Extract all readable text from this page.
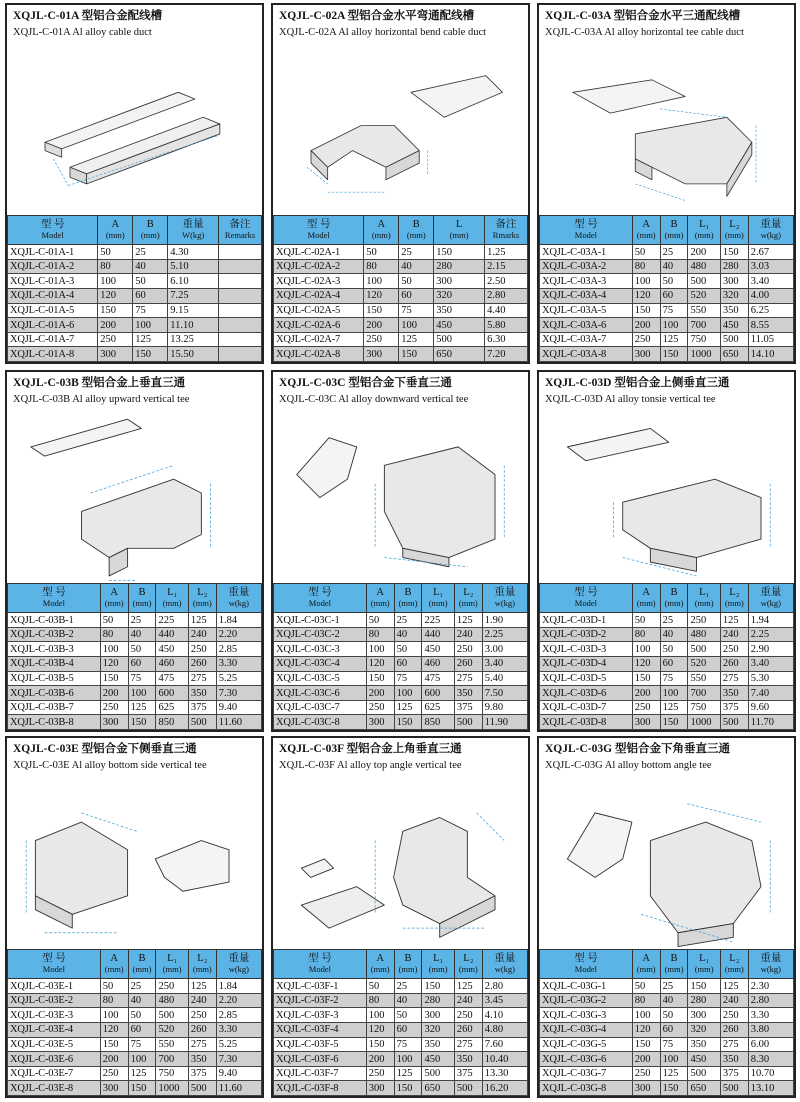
XQJL-C-01A 型铝合金配线槽
XQJL-C-01A Al alloy cable duct
型 号
Model	A
(mm)	B
(mm)	重量
W(kg)	备注
Remarks
XQJL-C-01A-1	50	25	4.30	
XQJL-C-01A-2	80	40	5.10	
XQJL-C-01A-3	100	50	6.10	
XQJL-C-01A-4	120	60	7.25	
XQJL-C-01A-5	150	75	9.15	
XQJL-C-01A-6	200	100	11.10	
XQJL-C-01A-7	250	125	13.25	
XQJL-C-01A-8	300	150	15.50	
XQJL-C-02A 型铝合金水平弯通配线槽
XQJL-C-02A Al alloy horizontal bend cable duct
型 号
Model	A
(mm)	B
(mm)	L
(mm)	备注
Rmarks
XQJL-C-02A-1	50	25	150	1.25
XQJL-C-02A-2	80	40	280	2.15
XQJL-C-02A-3	100	50	300	2.50
XQJL-C-02A-4	120	60	320	2.80
XQJL-C-02A-5	150	75	350	4.40
XQJL-C-02A-6	200	100	450	5.80
XQJL-C-02A-7	250	125	500	6.30
XQJL-C-02A-8	300	150	650	7.20
XQJL-C-03A 型铝合金水平三通配线槽
XQJL-C-03A Al alloy horizontal tee cable duct
型 号
Model	A
(mm)	B
(mm)	L₁
(mm)	L₂
(mm)	重量
w(kg)
XQJL-C-03A-1	50	25	200	150	2.67
XQJL-C-03A-2	80	40	480	280	3.03
XQJL-C-03A-3	100	50	500	300	3.40
XQJL-C-03A-4	120	60	520	320	4.00
XQJL-C-03A-5	150	75	550	350	6.25
XQJL-C-03A-6	200	100	700	450	8.55
XQJL-C-03A-7	250	125	750	500	11.05
XQJL-C-03A-8	300	150	1000	650	14.10
XQJL-C-03B 型铝合金上垂直三通
XQJL-C-03B Al alloy upward vertical tee
型 号
Model	A
(mm)	B
(mm)	L₁
(mm)	L₂
(mm)	重量
w(kg)
XQJL-C-03B-1	50	25	225	125	1.84
XQJL-C-03B-2	80	40	440	240	2.20
XQJL-C-03B-3	100	50	450	250	2.85
XQJL-C-03B-4	120	60	460	260	3.30
XQJL-C-03B-5	150	75	475	275	5.25
XQJL-C-03B-6	200	100	600	350	7.30
XQJL-C-03B-7	250	125	625	375	9.40
XQJL-C-03B-8	300	150	850	500	11.60
XQJL-C-03C 型铝合金下垂直三通
XQJL-C-03C Al alloy downward vertical tee
型 号
Model	A
(mm)	B
(mm)	L₁
(mm)	L₂
(mm)	重量
w(kg)
XQJL-C-03C-1	50	25	225	125	1.90
XQJL-C-03C-2	80	40	440	240	2.25
XQJL-C-03C-3	100	50	450	250	3.00
XQJL-C-03C-4	120	60	460	260	3.40
XQJL-C-03C-5	150	75	475	275	5.40
XQJL-C-03C-6	200	100	600	350	7.50
XQJL-C-03C-7	250	125	625	375	9.80
XQJL-C-03C-8	300	150	850	500	11.90
XQJL-C-03D 型铝合金上侧垂直三通
XQJL-C-03D Al alloy tonsie vertical tee
型 号
Model	A
(mm)	B
(mm)	L₁
(mm)	L₂
(mm)	重量
w(kg)
XQJL-C-03D-1	50	25	250	125	1.94
XQJL-C-03D-2	80	40	480	240	2.25
XQJL-C-03D-3	100	50	500	250	2.90
XQJL-C-03D-4	120	60	520	260	3.40
XQJL-C-03D-5	150	75	550	275	5.30
XQJL-C-03D-6	200	100	700	350	7.40
XQJL-C-03D-7	250	125	750	375	9.60
XQJL-C-03D-8	300	150	1000	500	11.70
XQJL-C-03E 型铝合金下侧垂直三通
XQJL-C-03E Al alloy bottom side vertical tee
型 号
Model	A
(mm)	B
(mm)	L₁
(mm)	L₂
(mm)	重量
w(kg)
XQJL-C-03E-1	50	25	250	125	1.84
XQJL-C-03E-2	80	40	480	240	2.20
XQJL-C-03E-3	100	50	500	250	2.85
XQJL-C-03E-4	120	60	520	260	3.30
XQJL-C-03E-5	150	75	550	275	5.25
XQJL-C-03E-6	200	100	700	350	7.30
XQJL-C-03E-7	250	125	750	375	9.40
XQJL-C-03E-8	300	150	1000	500	11.60
XQJL-C-03F 型铝合金上角垂直三通
XQJL-C-03F Al alloy top angle vertical tee
型 号
Model	A
(mm)	B
(mm)	L₁
(mm)	L₂
(mm)	重量
w(kg)
XQJL-C-03F-1	50	25	150	125	2.80
XQJL-C-03F-2	80	40	280	240	3.45
XQJL-C-03F-3	100	50	300	250	4.10
XQJL-C-03F-4	120	60	320	260	4.80
XQJL-C-03F-5	150	75	350	275	7.60
XQJL-C-03F-6	200	100	450	350	10.40
XQJL-C-03F-7	250	125	500	375	13.30
XQJL-C-03F-8	300	150	650	500	16.20
XQJL-C-03G 型铝合金下角垂直三通
XQJL-C-03G Al alloy bottom angle tee
型 号
Model	A
(mm)	B
(mm)	L₁
(mm)	L₂
(mm)	重量
w(kg)
XQJL-C-03G-1	50	25	150	125	2.30
XQJL-C-03G-2	80	40	280	240	2.80
XQJL-C-03G-3	100	50	300	250	3.30
XQJL-C-03G-4	120	60	320	260	3.80
XQJL-C-03G-5	150	75	350	275	6.00
XQJL-C-03G-6	200	100	450	350	8.30
XQJL-C-03G-7	250	125	500	375	10.70
XQJL-C-03G-8	300	150	650	500	13.10
